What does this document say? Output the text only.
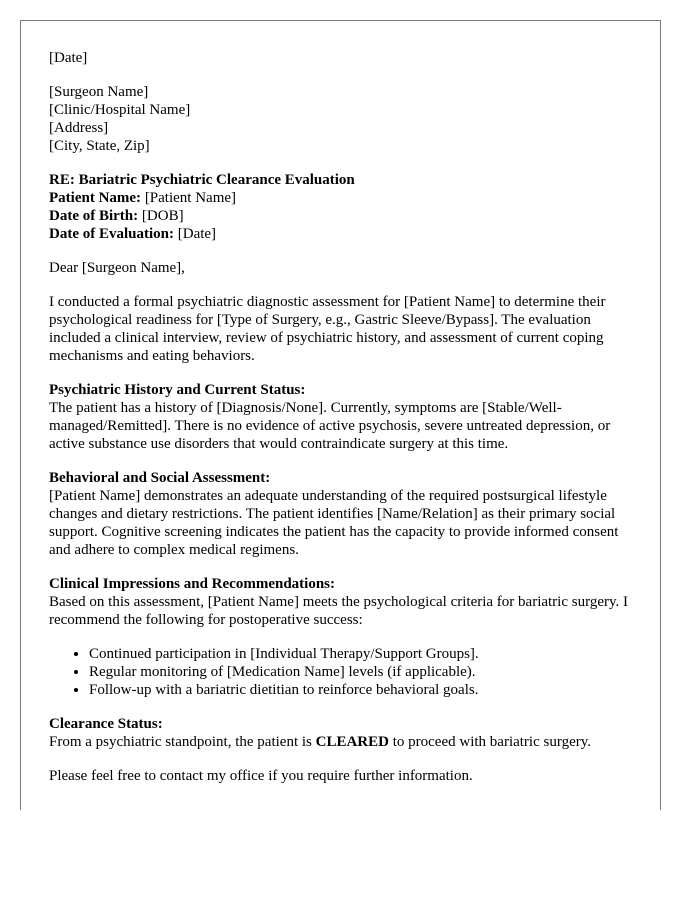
[Date]

[Surgeon Name]
[Clinic/Hospital Name]
[Address]
[City, State, Zip]

RE: Bariatric Psychiatric Clearance Evaluation
Patient Name: [Patient Name]
Date of Birth: [DOB]
Date of Evaluation: [Date]

Dear [Surgeon Name],

I conducted a formal psychiatric diagnostic assessment for [Patient Name] to determine their psychological readiness for [Type of Surgery, e.g., Gastric Sleeve/Bypass]. The evaluation included a clinical interview, review of psychiatric history, and assessment of current coping mechanisms and eating behaviors.

Psychiatric History and Current Status:
The patient has a history of [Diagnosis/None]. Currently, symptoms are [Stable/Well-managed/Remitted]. There is no evidence of active psychosis, severe untreated depression, or active substance use disorders that would contraindicate surgery at this time.

Behavioral and Social Assessment:
[Patient Name] demonstrates an adequate understanding of the required postsurgical lifestyle changes and dietary restrictions. The patient identifies [Name/Relation] as their primary social support. Cognitive screening indicates the patient has the capacity to provide informed consent and adhere to complex medical regimens.

Clinical Impressions and Recommendations:
Based on this assessment, [Patient Name] meets the psychological criteria for bariatric surgery. I recommend the following for postoperative success:

• Continued participation in [Individual Therapy/Support Groups].
• Regular monitoring of [Medication Name] levels (if applicable).
• Follow-up with a bariatric dietitian to reinforce behavioral goals.

Clearance Status:
From a psychiatric standpoint, the patient is CLEARED to proceed with bariatric surgery.

Please feel free to contact my office if you require further information.
